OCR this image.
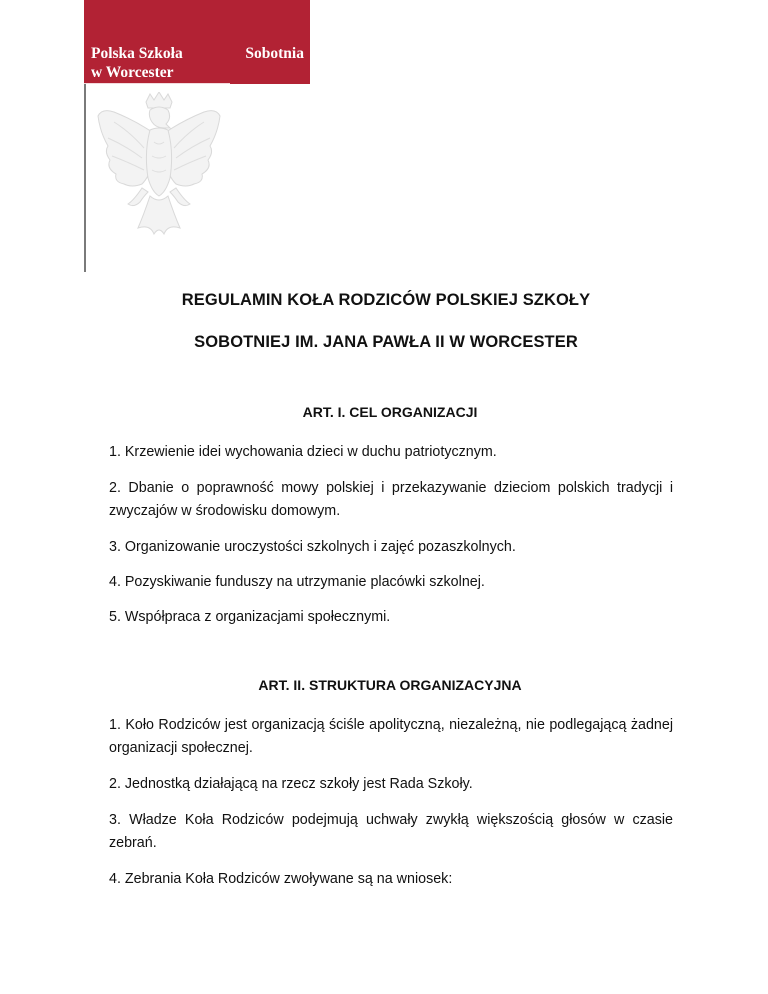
Polska Szkoła	Sobotnia
w Worcester
REGULAMIN KOŁA RODZICÓW POLSKIEJ SZKOŁY
SOBOTNIEJ IM. JANA PAWŁA II W WORCESTER
ART. I. CEL ORGANIZACJI
1. Krzewienie idei wychowania dzieci w duchu patriotycznym.
2. Dbanie o poprawność mowy polskiej i przekazywanie dzieciom polskich tradycji i zwyczajów w środowisku domowym.
3. Organizowanie uroczystości szkolnych i zajęć pozaszkolnych.
4. Pozyskiwanie funduszy na utrzymanie placówki szkolnej.
5. Współpraca z organizacjami społecznymi.
ART. II. STRUKTURA ORGANIZACYJNA
1. Koło Rodziców jest organizacją ściśle apolityczną, niezależną, nie podlegającą żadnej organizacji społecznej.
2. Jednostką działającą na rzecz szkoły jest Rada Szkoły.
3. Władze Koła Rodziców podejmują uchwały zwykłą większością głosów w czasie zebrań.
4. Zebrania Koła Rodziców zwoływane są na wniosek:
